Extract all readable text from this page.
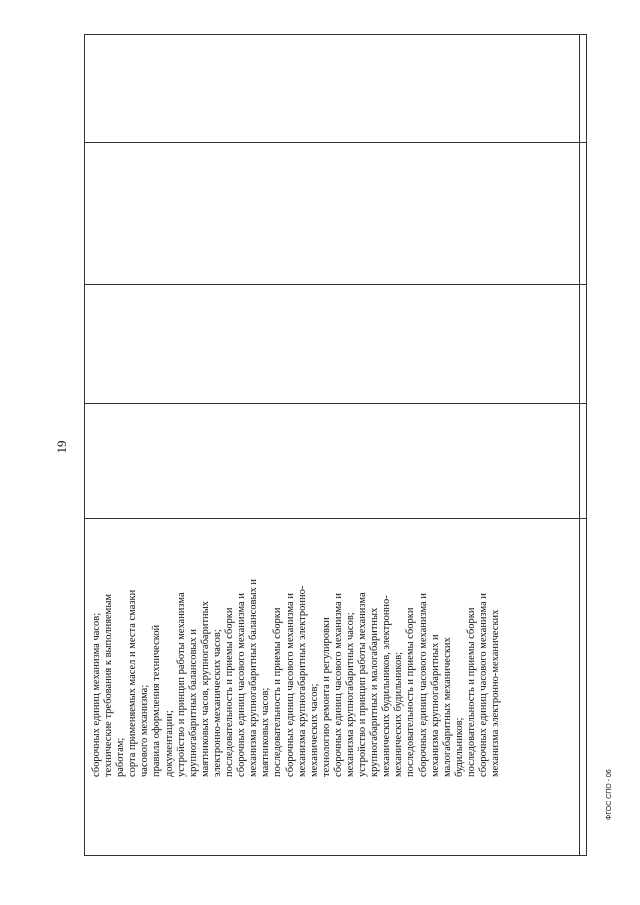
19
ФГОС СПО - 06
сборочных единиц механизма часов; технические требования к выполняемым работам; сорта применяемых масел и места смазки часового механизма; правила оформления технической документации; устройство и принцип работы механизма крупногабаритных балансовых и маятниковых часов, крупногабаритных электронно-механических часов; последовательность и приемы сборки сборочных единиц часового механизма и механизма крупногабаритных балансовых и маятниковых часов; последовательность и приемы сборки сборочных единиц часового механизма и механизма крупногабаритных электронно- механических часов; технологию ремонта и регулировки сборочных единиц часового механизма и механизма крупногабаритных часов; устройство и принцип работы механизма крупногабаритных и малогабаритных механических будильников, электронно- механических будильников; последовательность и приемы сборки сборочных единиц часового механизма и механизма крупногабаритных и малогабаритных механических будильников; последовательность и приемы сборки сборочных единиц часового механизма и механизма электронно-механических
